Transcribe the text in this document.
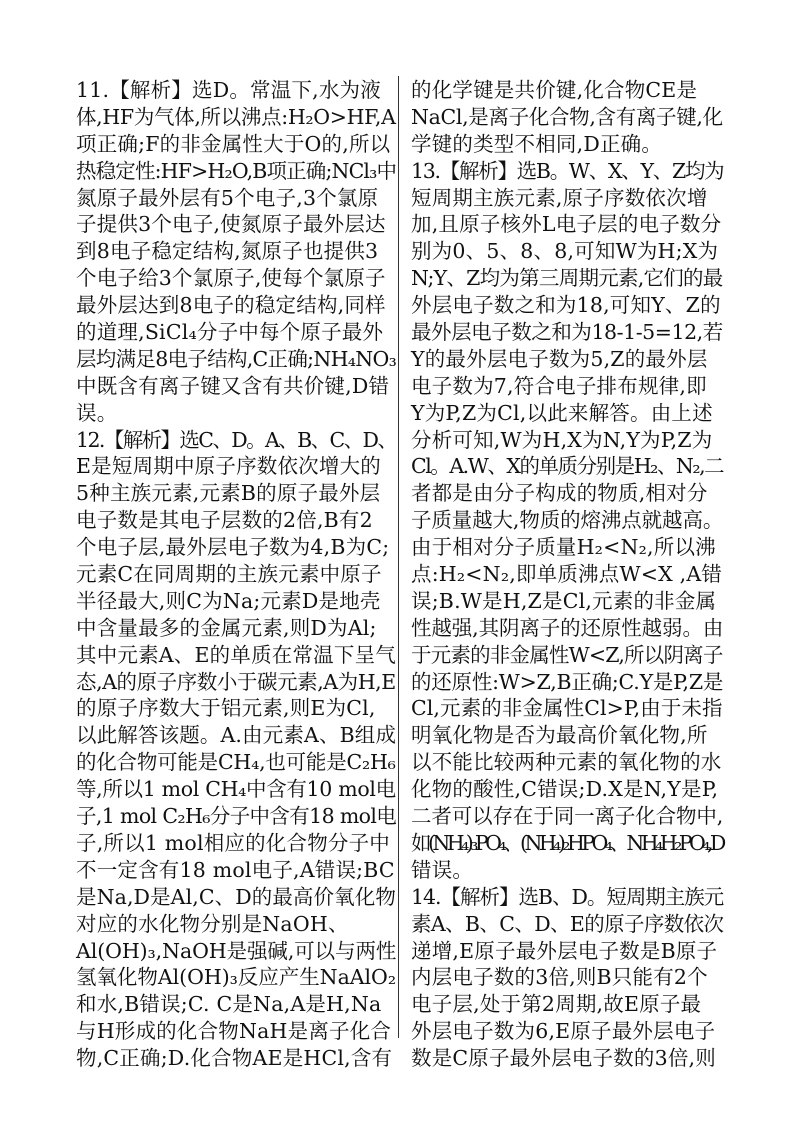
11.【解析】选D。常温下,水为液
体,HF为气体,所以沸点:H₂O>HF,A
项正确;F的非金属性大于O的,所以
热稳定性:HF>H₂O,B项正确;NCl₃中
氮原子最外层有5个电子,3个氯原
子提供3个电子,使氮原子最外层达
到8电子稳定结构,氮原子也提供3
个电子给3个氯原子,使每个氯原子
最外层达到8电子的稳定结构,同样
的道理,SiCl₄分子中每个原子最外
层均满足8电子结构,C正确;NH₄NO₃
中既含有离子键又含有共价键,D错
误。
12.【解析】选C、D。A、B、C、D、
E是短周期中原子序数依次增大的
5种主族元素,元素B的原子最外层
电子数是其电子层数的2倍,B有2
个电子层,最外层电子数为4,B为C;
元素C在同周期的主族元素中原子
半径最大,则C为Na;元素D是地壳
中含量最多的金属元素,则D为Al;
其中元素A、E的单质在常温下呈气
态,A的原子序数小于碳元素,A为H,E
的原子序数大于铝元素,则E为Cl,
以此解答该题。A.由元素A、B组成
的化合物可能是CH₄,也可能是C₂H₆
等,所以1 mol CH₄中含有10 mol电
子,1 mol C₂H₆分子中含有18 mol电
子,所以1 mol相应的化合物分子中
不一定含有18 mol电子,A错误;BC
是Na,D是Al,C、D的最高价氧化物
对应的水化物分别是NaOH、
Al(OH)₃,NaOH是强碱,可以与两性
氢氧化物Al(OH)₃反应产生NaAlO₂
和水,B错误;C. C是Na,A是H,Na
与H形成的化合物NaH是离子化合
物,C正确;D.化合物AE是HCl,含有
的化学键是共价键,化合物CE是
NaCl,是离子化合物,含有离子键,化
学键的类型不相同,D正确。
13.【解析】选B。W、X、Y、Z均为
短周期主族元素,原子序数依次增
加,且原子核外L电子层的电子数分
别为0、5、8、8,可知W为H;X为
N;Y、Z均为第三周期元素,它们的最
外层电子数之和为18,可知Y、Z的
最外层电子数之和为18-1-5=12,若
Y的最外层电子数为5,Z的最外层
电子数为7,符合电子排布规律,即
Y为P,Z为Cl,以此来解答。由上述
分析可知,W为H,X为N,Y为P,Z为
Cl。A.W、X的单质分别是H₂、N₂,二
者都是由分子构成的物质,相对分
子质量越大,物质的熔沸点就越高。
由于相对分子质量H₂<N₂,所以沸
点:H₂<N₂,即单质沸点W<X ,A错
误;B.W是H,Z是Cl,元素的非金属
性越强,其阴离子的还原性越弱。由
于元素的非金属性W<Z,所以阴离子
的还原性:W>Z,B正确;C.Y是P,Z是
Cl,元素的非金属性Cl>P,由于未指
明氧化物是否为最高价氧化物,所
以不能比较两种元素的氧化物的水
化物的酸性,C错误;D.X是N,Y是P,
二者可以存在于同一离子化合物中,
如(NH₄)₃PO₄、(NH₄)₂HPO₄、NH₄H₂PO₄,D
错误。
14.【解析】选B、D。短周期主族元
素A、B、C、D、E的原子序数依次
递增,E原子最外层电子数是B原子
内层电子数的3倍,则B只能有2个
电子层,处于第2周期,故E原子最
外层电子数为6,E原子最外层电子
数是C原子最外层电子数的3倍,则
